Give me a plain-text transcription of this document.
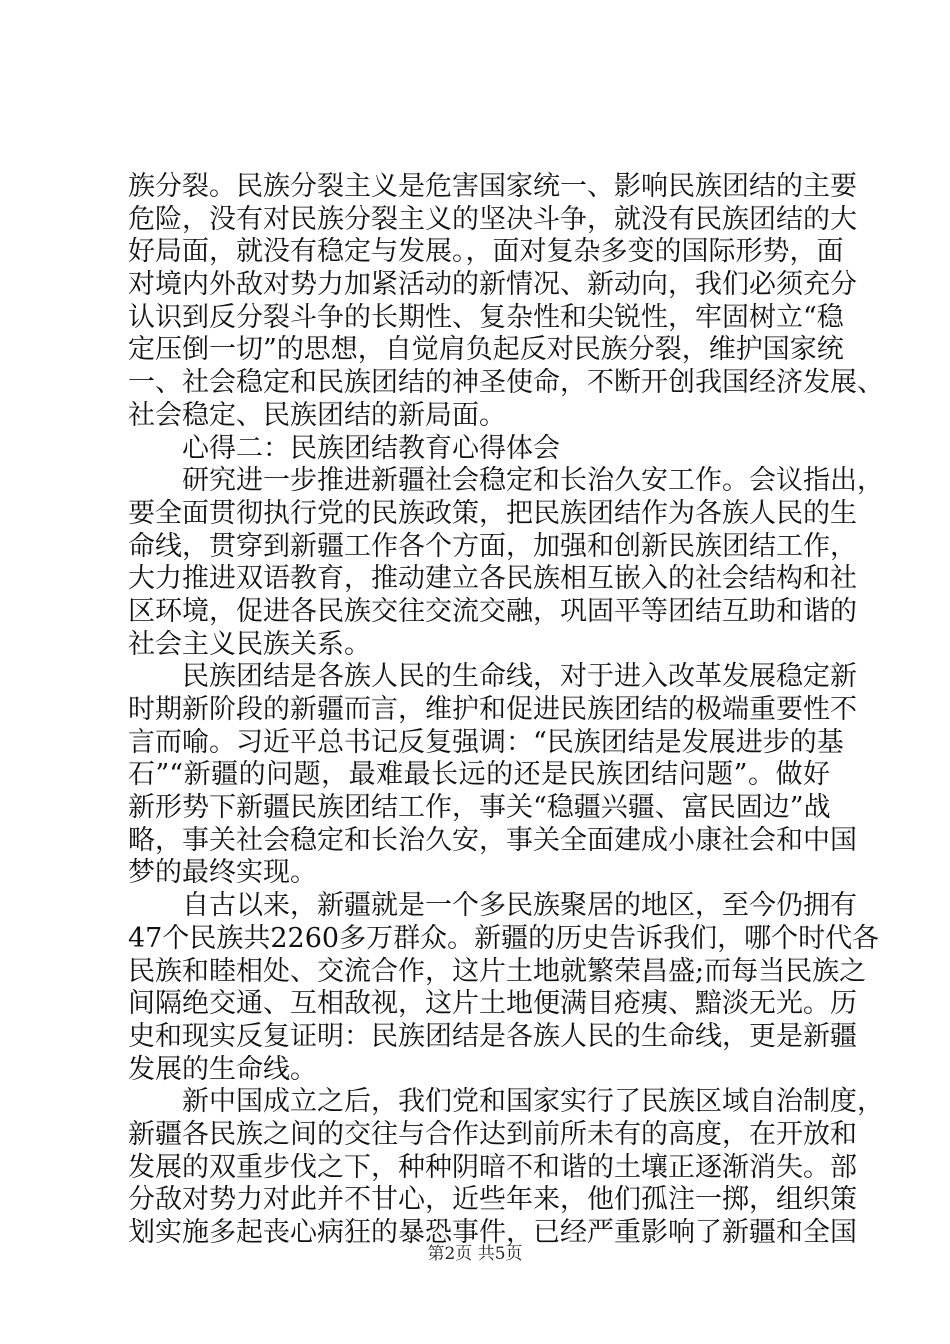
族分裂。民族分裂主义是危害国家统一、影响民族团结的主要
危险，没有对民族分裂主义的坚决斗争，就没有民族团结的大
好局面，就没有稳定与发展。，面对复杂多变的国际形势，面
对境内外敌对势力加紧活动的新情况、新动向，我们必须充分
认识到反分裂斗争的长期性、复杂性和尖锐性，牢固树立“稳
定压倒一切”的思想，自觉肩负起反对民族分裂，维护国家统
一、社会稳定和民族团结的神圣使命，不断开创我国经济发展、
社会稳定、民族团结的新局面。
心得二：民族团结教育心得体会
研究进一步推进新疆社会稳定和长治久安工作。会议指出，
要全面贯彻执行党的民族政策，把民族团结作为各族人民的生
命线，贯穿到新疆工作各个方面，加强和创新民族团结工作，
大力推进双语教育，推动建立各民族相互嵌入的社会结构和社
区环境，促进各民族交往交流交融，巩固平等团结互助和谐的
社会主义民族关系。
民族团结是各族人民的生命线，对于进入改革发展稳定新
时期新阶段的新疆而言，维护和促进民族团结的极端重要性不
言而喻。习近平总书记反复强调：“民族团结是发展进步的基
石”“新疆的问题，最难最长远的还是民族团结问题”。做好
新形势下新疆民族团结工作，事关“稳疆兴疆、富民固边”战
略，事关社会稳定和长治久安，事关全面建成小康社会和中国
梦的最终实现。
自古以来，新疆就是一个多民族聚居的地区，至今仍拥有
47个民族共2260多万群众。新疆的历史告诉我们，哪个时代各
民族和睦相处、交流合作，这片土地就繁荣昌盛;而每当民族之
间隔绝交通、互相敌视，这片土地便满目疮痍、黯淡无光。历
史和现实反复证明：民族团结是各族人民的生命线，更是新疆
发展的生命线。
新中国成立之后，我们党和国家实行了民族区域自治制度，
新疆各民族之间的交往与合作达到前所未有的高度，在开放和
发展的双重步伐之下，种种阴暗不和谐的土壤正逐渐消失。部
分敌对势力对此并不甘心，近些年来，他们孤注一掷，组织策
划实施多起丧心病狂的暴恐事件，已经严重影响了新疆和全国
第2页 共5页
